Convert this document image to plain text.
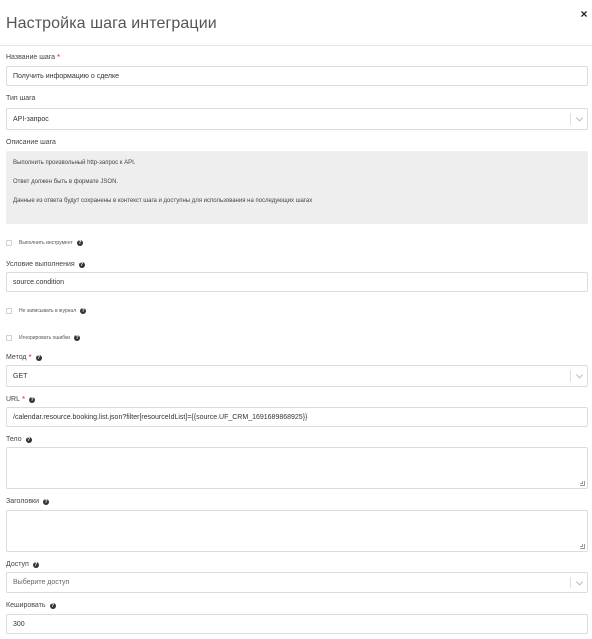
×
Настройка шага интеграции
Название шага *
Получить информацию о сделке
Тип шага
API-запрос
Описание шага

Выполнить произвольный http-запрос к API.

Ответ должен быть в формате JSON.

Данные из ответа будут сохранены в контекст шага и доступны для использования на последующих шагах

Выполнить инструмент ?
Условие выполнения ?
source.condition
Не записывать в журнал ?
Игнорировать ошибки ?
Метод * ?
GET
URL * ?
/calendar.resource.booking.list.json?filter[resourceIdList]={{source.UF_CRM_1691689868925}}
Тело ?
Заголовки ?
Доступ ?
Выберите доступ
Кешировать ?
300
